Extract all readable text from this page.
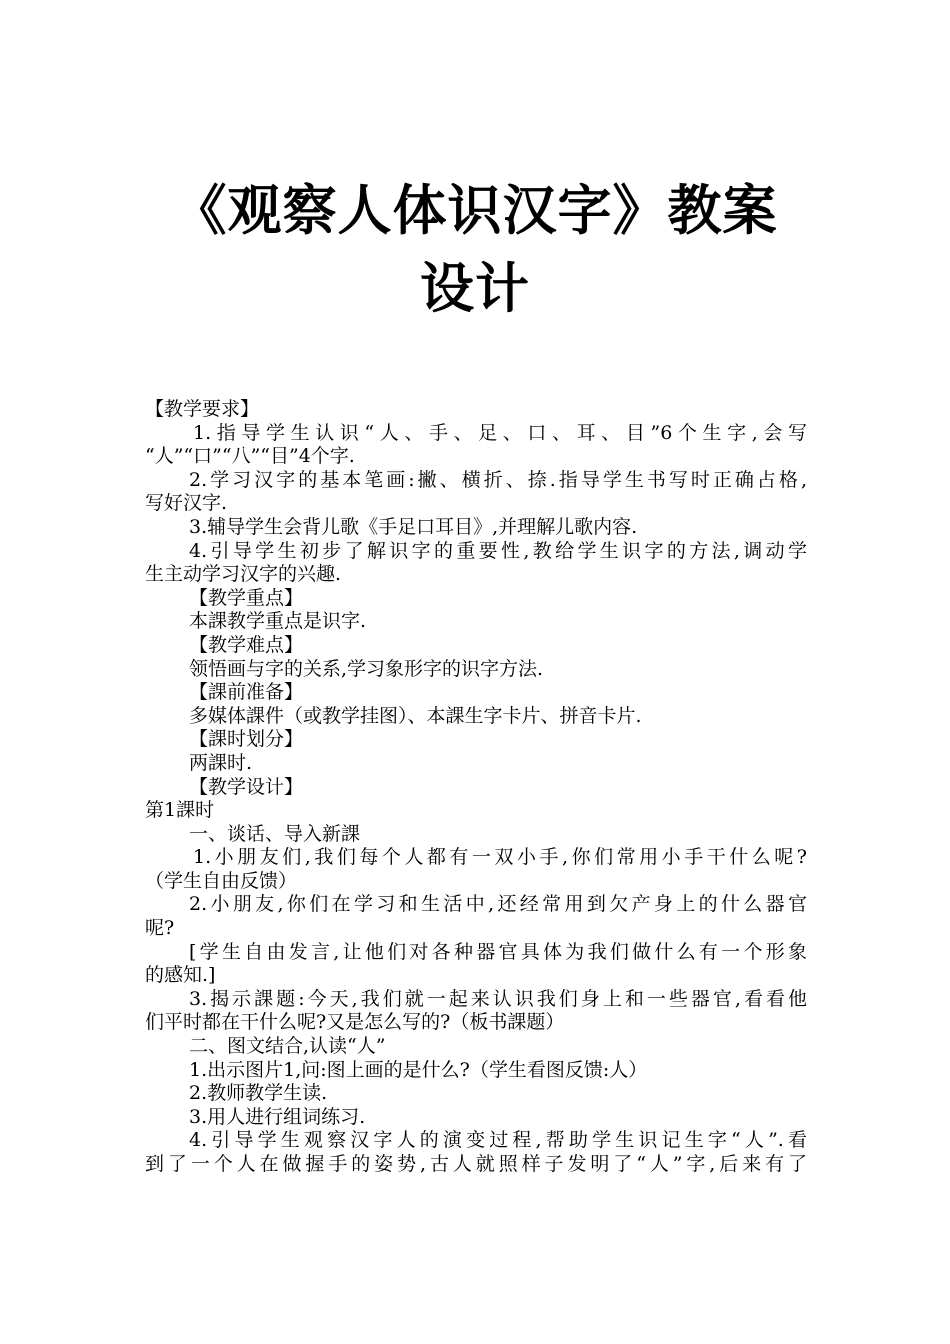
《观察人体识汉字》教案
设计

【教学要求】

1.指导学生认识“人、手、足、口、耳、目”6个生字,会写

“人”“口”“八”“目”4个字.

2.学习汉字的基本笔画:撇、横折、捺.指导学生书写时正确占格,

写好汉字.

3.辅导学生会背儿歌《手足口耳目》,并理解儿歌内容.

4.引导学生初步了解识字的重要性,教给学生识字的方法,调动学

生主动学习汉字的兴趣.

【教学重点】

本課教学重点是识字.

【教学难点】

领悟画与字的关系,学习象形字的识字方法.

【課前准备】

多媒体課件（或教学挂图）、本課生字卡片、拼音卡片.

【課时划分】

两課时.

【教学设计】

第1課时

一、谈话、导入新課

1.小朋友们,我们每个人都有一双小手,你们常用小手干什么呢?

（学生自由反馈）

2.小朋友,你们在学习和生活中,还经常用到欠产身上的什么器官

呢?

[学生自由发言,让他们对各种器官具体为我们做什么有一个形象

的感知.]

3.揭示課题:今天,我们就一起来认识我们身上和一些器官,看看他

们平时都在干什么呢?又是怎么写的?（板书課题）

二、图文结合,认读“人”

1.出示图片1,问:图上画的是什么?（学生看图反馈:人）

2.教师教学生读.

3.用人进行组词练习.

4.引导学生观察汉字人的演变过程,帮助学生识记生字“人”.看

到了一个人在做握手的姿势,古人就照样子发明了“人”字,后来有了
